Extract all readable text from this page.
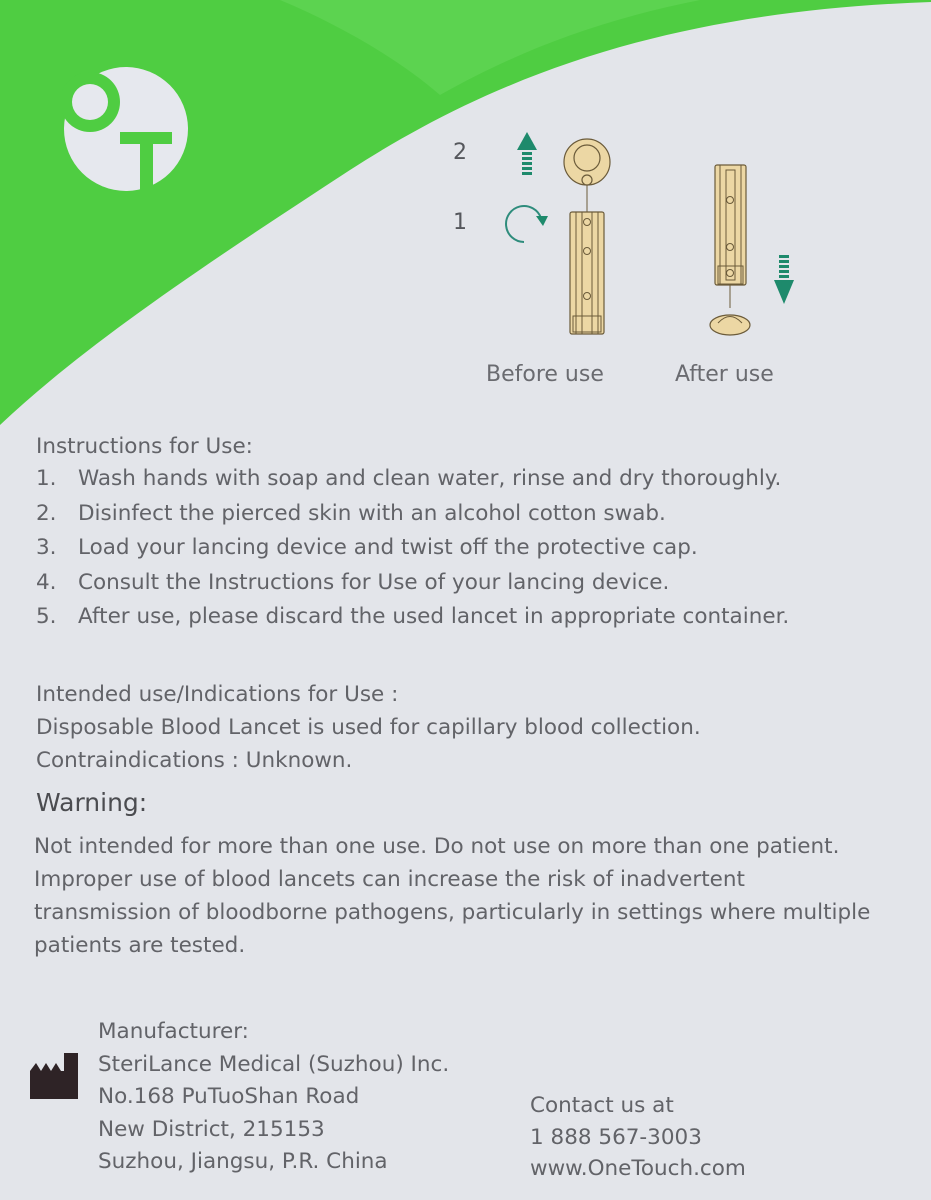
2
1
Before use	After use
Instructions for Use:
1. Wash hands with soap and clean water, rinse and dry thoroughly.
2. Disinfect the pierced skin with an alcohol cotton swab.
3. Load your lancing device and twist off the protective cap.
4. Consult the Instructions for Use of your lancing device.
5. After use, please discard the used lancet in appropriate container.
Intended use/Indications for Use :
Disposable Blood Lancet is used for capillary blood collection.
Contraindications : Unknown.
Warning:
Not intended for more than one use. Do not use on more than one patient. Improper use of blood lancets can increase the risk of inadvertent transmission of bloodborne pathogens, particularly in settings where multiple patients are tested.
Manufacturer:
SteriLance Medical (Suzhou) Inc.
No.168 PuTuoShan Road
New District, 215153
Suzhou, Jiangsu, P.R. China
Contact us at
1 888 567-3003
www.OneTouch.com
